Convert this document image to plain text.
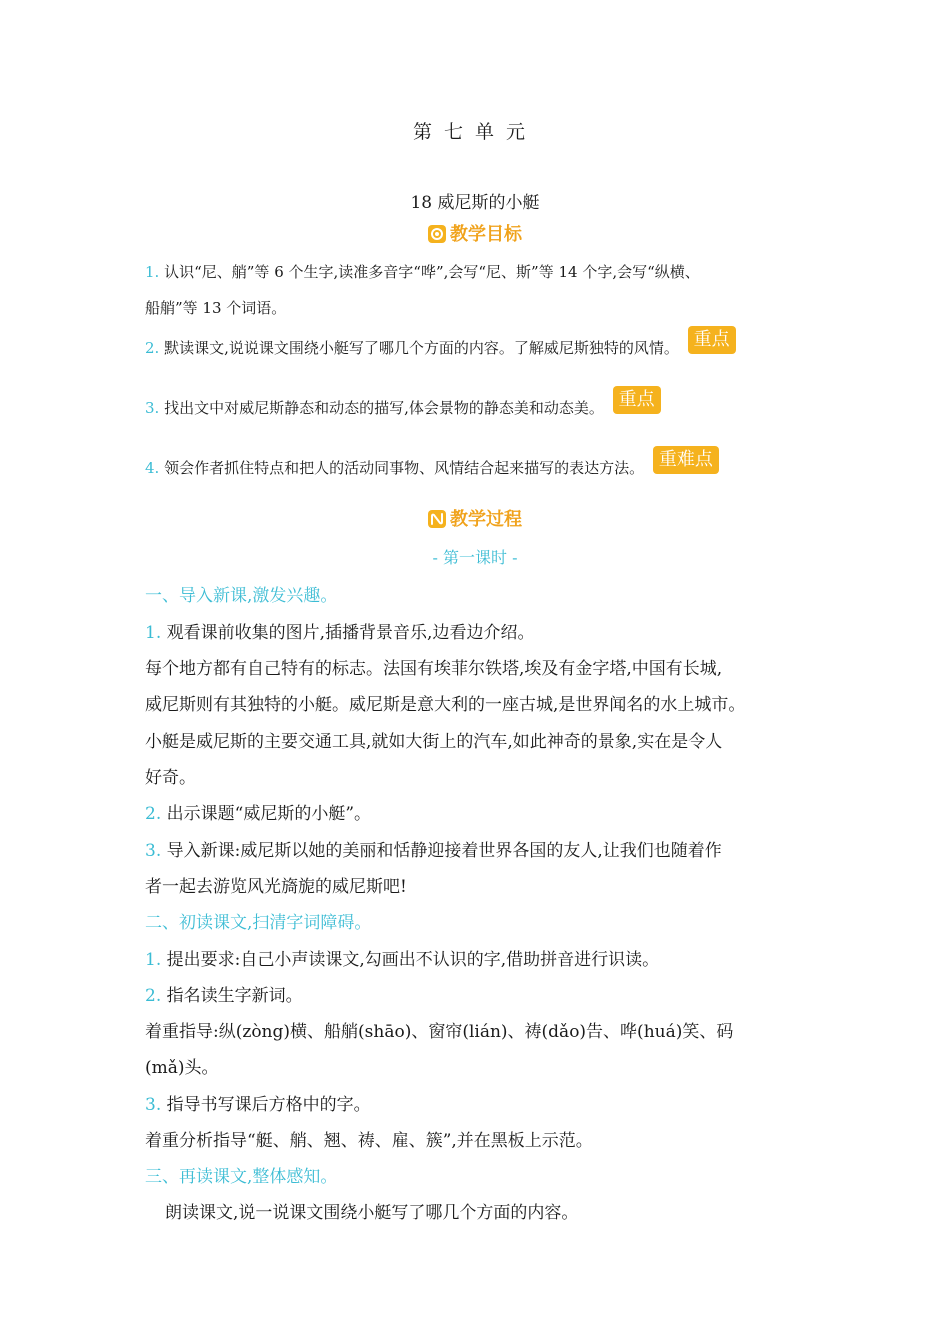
第七单元
18 威尼斯的小艇
教学目标
1. 认识“尼、艄”等 6 个生字,读准多音字“哗”,会写“尼、斯”等 14 个字,会写“纵横、
船艄”等 13 个词语。
2. 默读课文,说说课文围绕小艇写了哪几个方面的内容。了解威尼斯独特的风情。 重点
3. 找出文中对威尼斯静态和动态的描写,体会景物的静态美和动态美。 重点
4. 领会作者抓住特点和把人的活动同事物、风情结合起来描写的表达方法。 重难点
教学过程
- 第一课时 -
一、导入新课,激发兴趣。
1. 观看课前收集的图片,插播背景音乐,边看边介绍。
每个地方都有自己特有的标志。法国有埃菲尔铁塔,埃及有金字塔,中国有长城,
威尼斯则有其独特的小艇。威尼斯是意大利的一座古城,是世界闻名的水上城市。
小艇是威尼斯的主要交通工具,就如大街上的汽车,如此神奇的景象,实在是令人
好奇。
2. 出示课题“威尼斯的小艇”。
3. 导入新课:威尼斯以她的美丽和恬静迎接着世界各国的友人,让我们也随着作
者一起去游览风光旖旎的威尼斯吧!
二、初读课文,扫清字词障碍。
1. 提出要求:自己小声读课文,勾画出不认识的字,借助拼音进行识读。
2. 指名读生字新词。
着重指导:纵(zòng)横、船艄(shāo)、窗帘(lián)、祷(dǎo)告、哗(huá)笑、码
(mǎ)头。
3. 指导书写课后方格中的字。
着重分析指导“艇、艄、翘、祷、雇、簇”,并在黑板上示范。
三、再读课文,整体感知。
朗读课文,说一说课文围绕小艇写了哪几个方面的内容。
